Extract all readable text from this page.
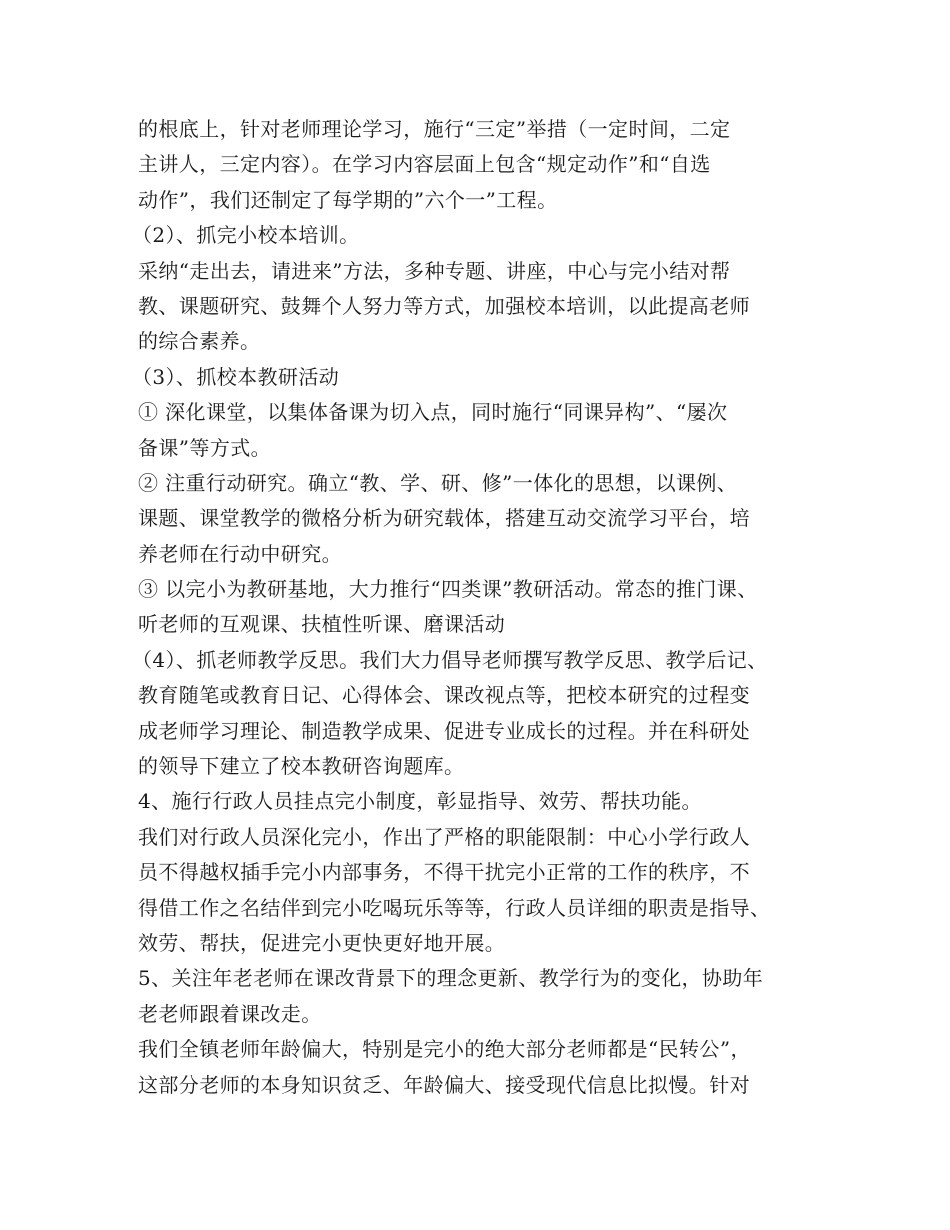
的根底上，针对老师理论学习，施行“三定”举措（一定时间，二定
主讲人，三定内容）。在学习内容层面上包含“规定动作”和“自选
动作”，我们还制定了每学期的”六个一”工程。
（2）、抓完小校本培训。
采纳“走出去，请进来”方法，多种专题、讲座，中心与完小结对帮
教、课题研究、鼓舞个人努力等方式，加强校本培训，以此提高老师
的综合素养。
（3）、抓校本教研活动
① 深化课堂，以集体备课为切入点，同时施行“同课异构”、“屡次
备课”等方式。
② 注重行动研究。确立“教、学、研、修”一体化的思想，以课例、
课题、课堂教学的微格分析为研究载体，搭建互动交流学习平台，培
养老师在行动中研究。
③ 以完小为教研基地，大力推行“四类课”教研活动。常态的推门课、
听老师的互观课、扶植性听课、磨课活动
（4）、抓老师教学反思。我们大力倡导老师撰写教学反思、教学后记、
教育随笔或教育日记、心得体会、课改视点等，把校本研究的过程变
成老师学习理论、制造教学成果、促进专业成长的过程。并在科研处
的领导下建立了校本教研咨询题库。
4、施行行政人员挂点完小制度，彰显指导、效劳、帮扶功能。
我们对行政人员深化完小，作出了严格的职能限制：中心小学行政人
员不得越权插手完小内部事务，不得干扰完小正常的工作的秩序，不
得借工作之名结伴到完小吃喝玩乐等等，行政人员详细的职责是指导、
效劳、帮扶，促进完小更快更好地开展。
5、关注年老老师在课改背景下的理念更新、教学行为的变化，协助年
老老师跟着课改走。
我们全镇老师年龄偏大，特别是完小的绝大部分老师都是“民转公”，
这部分老师的本身知识贫乏、年龄偏大、接受现代信息比拟慢。针对
